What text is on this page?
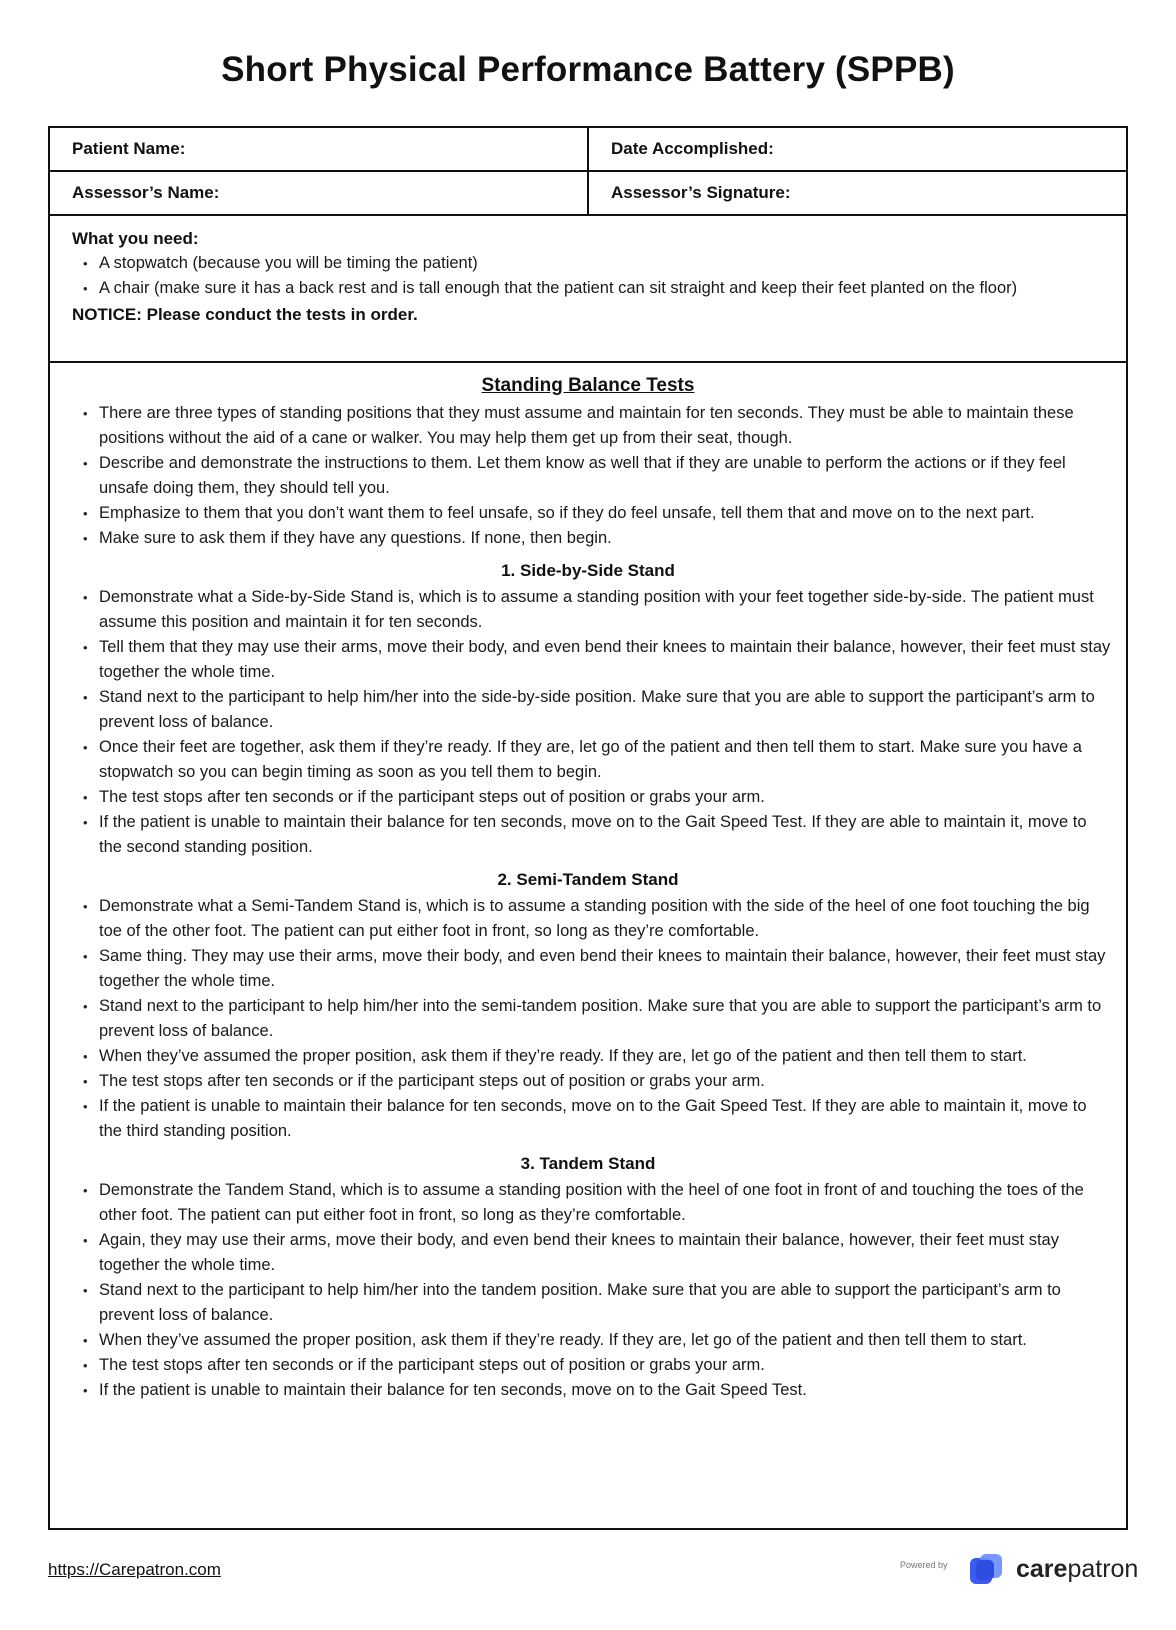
Short Physical Performance Battery (SPPB)
Patient Name:	Date Accomplished:
Assessor’s Name:	Assessor’s Signature:
What you need:
• A stopwatch (because you will be timing the patient)
• A chair (make sure it has a back rest and is tall enough that the patient can sit straight and keep their feet planted on the floor)
NOTICE: Please conduct the tests in order.
Standing Balance Tests
• There are three types of standing positions that they must assume and maintain for ten seconds. They must be able to maintain these positions without the aid of a cane or walker. You may help them get up from their seat, though.
• Describe and demonstrate the instructions to them. Let them know as well that if they are unable to perform the actions or if they feel unsafe doing them, they should tell you.
• Emphasize to them that you don’t want them to feel unsafe, so if they do feel unsafe, tell them that and move on to the next part.
• Make sure to ask them if they have any questions. If none, then begin.
1. Side-by-Side Stand
• Demonstrate what a Side-by-Side Stand is, which is to assume a standing position with your feet together side-by-side. The patient must assume this position and maintain it for ten seconds.
• Tell them that they may use their arms, move their body, and even bend their knees to maintain their balance, however, their feet must stay together the whole time.
• Stand next to the participant to help him/her into the side-by-side position. Make sure that you are able to support the participant’s arm to prevent loss of balance.
• Once their feet are together, ask them if they’re ready. If they are, let go of the patient and then tell them to start. Make sure you have a stopwatch so you can begin timing as soon as you tell them to begin.
• The test stops after ten seconds or if the participant steps out of position or grabs your arm.
• If the patient is unable to maintain their balance for ten seconds, move on to the Gait Speed Test. If they are able to maintain it, move to the second standing position.
2. Semi-Tandem Stand
• Demonstrate what a Semi-Tandem Stand is, which is to assume a standing position with the side of the heel of one foot touching the big toe of the other foot. The patient can put either foot in front, so long as they’re comfortable.
• Same thing. They may use their arms, move their body, and even bend their knees to maintain their balance, however, their feet must stay together the whole time.
• Stand next to the participant to help him/her into the semi-tandem position. Make sure that you are able to support the participant’s arm to prevent loss of balance.
• When they’ve assumed the proper position, ask them if they’re ready. If they are, let go of the patient and then tell them to start.
• The test stops after ten seconds or if the participant steps out of position or grabs your arm.
• If the patient is unable to maintain their balance for ten seconds, move on to the Gait Speed Test. If they are able to maintain it, move to the third standing position.
3. Tandem Stand
• Demonstrate the Tandem Stand, which is to assume a standing position with the heel of one foot in front of and touching the toes of the other foot. The patient can put either foot in front, so long as they’re comfortable.
• Again, they may use their arms, move their body, and even bend their knees to maintain their balance, however, their feet must stay together the whole time.
• Stand next to the participant to help him/her into the tandem position. Make sure that you are able to support the participant’s arm to prevent loss of balance.
• When they’ve assumed the proper position, ask them if they’re ready. If they are, let go of the patient and then tell them to start.
• The test stops after ten seconds or if the participant steps out of position or grabs your arm.
• If the patient is unable to maintain their balance for ten seconds, move on to the Gait Speed Test.
https://Carepatron.com	Powered by	carepatron
